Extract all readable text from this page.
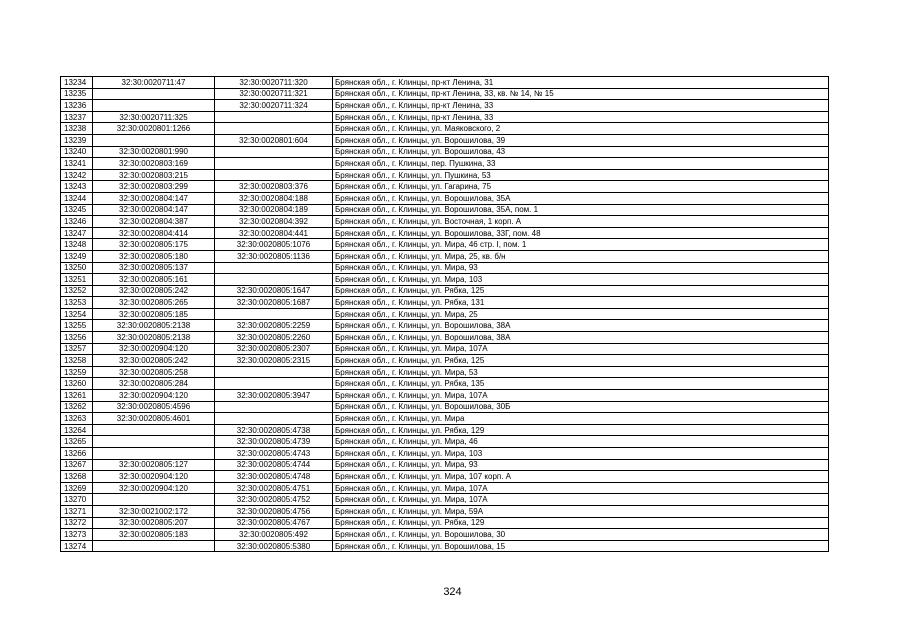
13234	32:30:0020711:47	32:30:0020711:320	Брянская обл., г. Клинцы, пр-кт Ленина, 31
13235		32:30:0020711:321	Брянская обл., г. Клинцы, пр-кт Ленина, 33, кв. № 14, № 15
13236		32:30:0020711:324	Брянская обл., г. Клинцы, пр-кт Ленина, 33
13237	32:30:0020711:325		Брянская обл., г. Клинцы, пр-кт Ленина, 33
13238	32:30:0020801:1266		Брянская обл., г. Клинцы, ул. Маяковского, 2
13239		32:30:0020801:604	Брянская обл., г. Клинцы, ул. Ворошилова, 39
13240	32:30:0020801:990		Брянская обл., г. Клинцы, ул. Ворошилова, 43
13241	32:30:0020803:169		Брянская обл., г. Клинцы, пер. Пушкина, 33
13242	32:30:0020803:215		Брянская обл., г. Клинцы, ул. Пушкина, 53
13243	32:30:0020803:299	32:30:0020803:376	Брянская обл., г. Клинцы, ул. Гагарина, 75
13244	32:30:0020804:147	32:30:0020804:188	Брянская обл., г. Клинцы, ул. Ворошилова, 35А
13245	32:30:0020804:147	32:30:0020804:189	Брянская обл., г. Клинцы, ул. Ворошилова, 35А, пом. 1
13246	32:30:0020804:387	32:30:0020804:392	Брянская обл., г. Клинцы, ул. Восточная, 1 корп. А
13247	32:30:0020804:414	32:30:0020804:441	Брянская обл., г. Клинцы, ул. Ворошилова, 33Г, пом. 48
13248	32:30:0020805:175	32:30:0020805:1076	Брянская обл., г. Клинцы, ул. Мира, 46 стр. I, пом. 1
13249	32:30:0020805:180	32:30:0020805:1136	Брянская обл., г. Клинцы, ул. Мира, 25, кв. б/н
13250	32:30:0020805:137		Брянская обл., г. Клинцы, ул. Мира, 93
13251	32:30:0020805:161		Брянская обл., г. Клинцы, ул. Мира, 103
13252	32:30:0020805:242	32:30:0020805:1647	Брянская обл., г. Клинцы, ул. Рябка, 125
13253	32:30:0020805:265	32:30:0020805:1687	Брянская обл., г. Клинцы, ул. Рябка, 131
13254	32:30:0020805:185		Брянская обл., г. Клинцы, ул. Мира, 25
13255	32:30:0020805:2138	32:30:0020805:2259	Брянская обл., г. Клинцы, ул. Ворошилова, 38А
13256	32:30:0020805:2138	32:30:0020805:2260	Брянская обл., г. Клинцы, ул. Ворошилова, 38А
13257	32:30:0020904:120	32:30:0020805:2307	Брянская обл., г. Клинцы, ул. Мира, 107А
13258	32:30:0020805:242	32:30:0020805:2315	Брянская обл., г. Клинцы, ул. Рябка, 125
13259	32:30:0020805:258		Брянская обл., г. Клинцы, ул. Мира, 53
13260	32:30:0020805:284		Брянская обл., г. Клинцы, ул. Рябка, 135
13261	32:30:0020904:120	32:30:0020805:3947	Брянская обл., г. Клинцы, ул. Мира, 107А
13262	32:30:0020805:4596		Брянская обл., г. Клинцы, ул. Ворошилова, 30Б
13263	32:30:0020805:4601		Брянская обл., г. Клинцы, ул. Мира
13264		32:30:0020805:4738	Брянская обл., г. Клинцы, ул. Рябка, 129
13265		32:30:0020805:4739	Брянская обл., г. Клинцы, ул. Мира, 46
13266		32:30:0020805:4743	Брянская обл., г. Клинцы, ул. Мира, 103
13267	32:30:0020805:127	32:30:0020805:4744	Брянская обл., г. Клинцы, ул. Мира, 93
13268	32:30:0020904:120	32:30:0020805:4748	Брянская обл., г. Клинцы, ул. Мира, 107 корп. А
13269	32:30:0020904:120	32:30:0020805:4751	Брянская обл., г. Клинцы, ул. Мира, 107А
13270		32:30:0020805:4752	Брянская обл., г. Клинцы, ул. Мира, 107А
13271	32:30:0021002:172	32:30:0020805:4756	Брянская обл., г. Клинцы, ул. Мира, 59А
13272	32:30:0020805:207	32:30:0020805:4767	Брянская обл., г. Клинцы, ул. Рябка, 129
13273	32:30:0020805:183	32:30:0020805:492	Брянская обл., г. Клинцы, ул. Ворошилова, 30
13274		32:30:0020805:5380	Брянская обл., г. Клинцы, ул. Ворошилова, 15
324
